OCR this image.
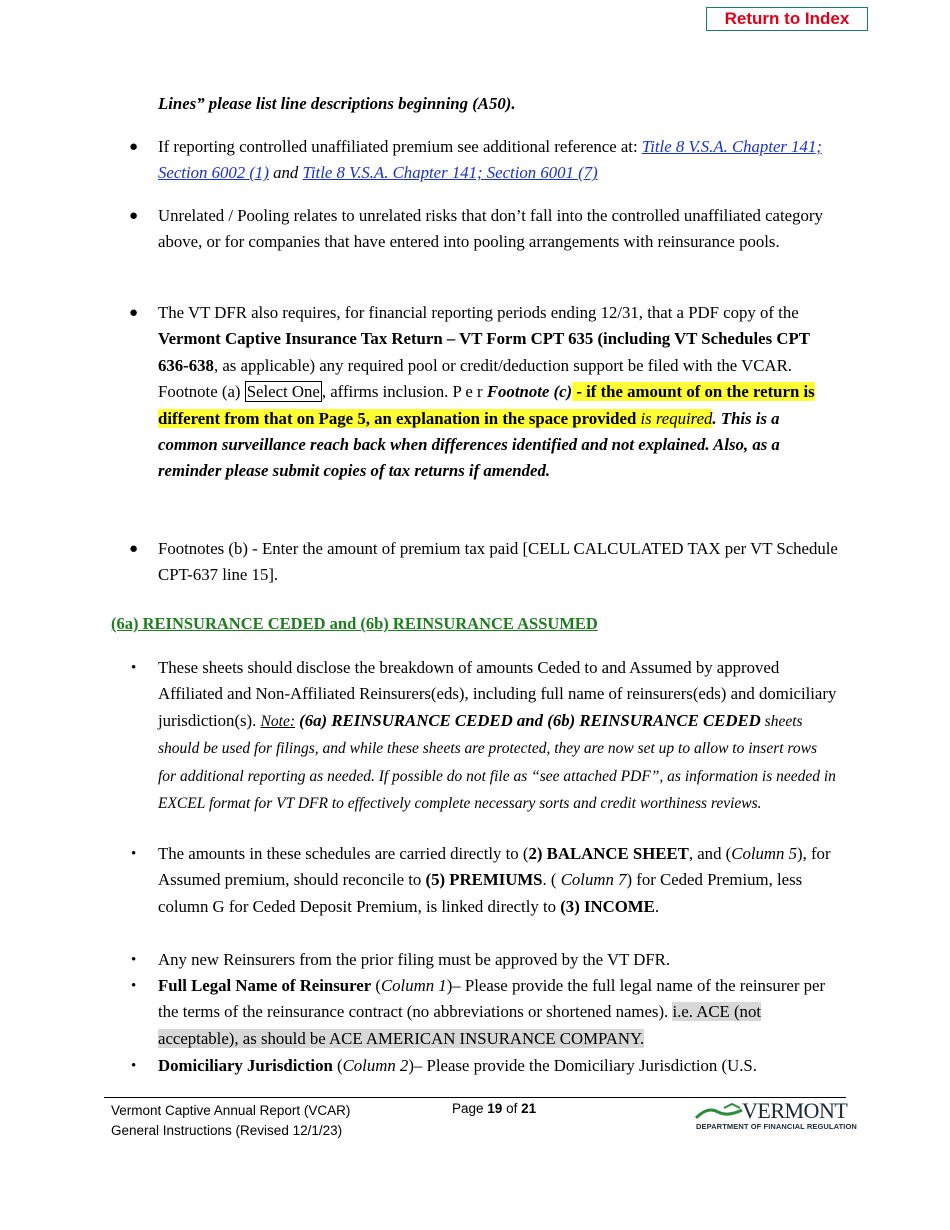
Return to Index

Lines” please list line descriptions beginning (A50).

● If reporting controlled unaffiliated premium see additional reference at: Title 8 V.S.A. Chapter 141; Section 6002 (1) and Title 8 V.S.A. Chapter 141; Section 6001 (7)

● Unrelated / Pooling relates to unrelated risks that don’t fall into the controlled unaffiliated category above, or for companies that have entered into pooling arrangements with reinsurance pools.

● The VT DFR also requires, for financial reporting periods ending 12/31, that a PDF copy of the Vermont Captive Insurance Tax Return – VT Form CPT 635 (including VT Schedules CPT 636-638, as applicable) any required pool or credit/deduction support be filed with the VCAR. Footnote (a) Select One , affirms inclusion. P e r Footnote (c) - if the amount of on the return is different from that on Page 5, an explanation in the space provided is required. This is a common surveillance reach back when differences identified and not explained. Also, as a reminder please submit copies of tax returns if amended.

● Footnotes (b) - Enter the amount of premium tax paid [CELL CALCULATED TAX per VT Schedule CPT-637 line 15].

(6a) REINSURANCE CEDED and (6b) REINSURANCE ASSUMED
• These sheets should disclose the breakdown of amounts Ceded to and Assumed by approved Affiliated and Non-Affiliated Reinsurers(eds), including full name of reinsurers(eds) and domiciliary jurisdiction(s). Note: (6a) REINSURANCE CEDED and (6b) REINSURANCE CEDED sheets should be used for filings, and while these sheets are protected, they are now set up to allow to insert rows for additional reporting as needed. If possible do not file as “see attached PDF”, as information is needed in EXCEL format for VT DFR to effectively complete necessary sorts and credit worthiness reviews.

• The amounts in these schedules are carried directly to (2) BALANCE SHEET, and (Column 5), for Assumed premium, should reconcile to (5) PREMIUMS. ( Column 7) for Ceded Premium, less column G for Ceded Deposit Premium, is linked directly to (3) INCOME.

• Any new Reinsurers from the prior filing must be approved by the VT DFR.

• Full Legal Name of Reinsurer (Column 1)– Please provide the full legal name of the reinsurer per the terms of the reinsurance contract (no abbreviations or shortened names). i.e. ACE (not acceptable), as should be ACE AMERICAN INSURANCE COMPANY.

• Domiciliary Jurisdiction (Column 2)– Please provide the Domiciliary Jurisdiction (U.S.

Vermont Captive Annual Report (VCAR)
General Instructions (Revised 12/1/23)
Page 19 of 21	VERMONT
DEPARTMENT OF FINANCIAL REGULATION
